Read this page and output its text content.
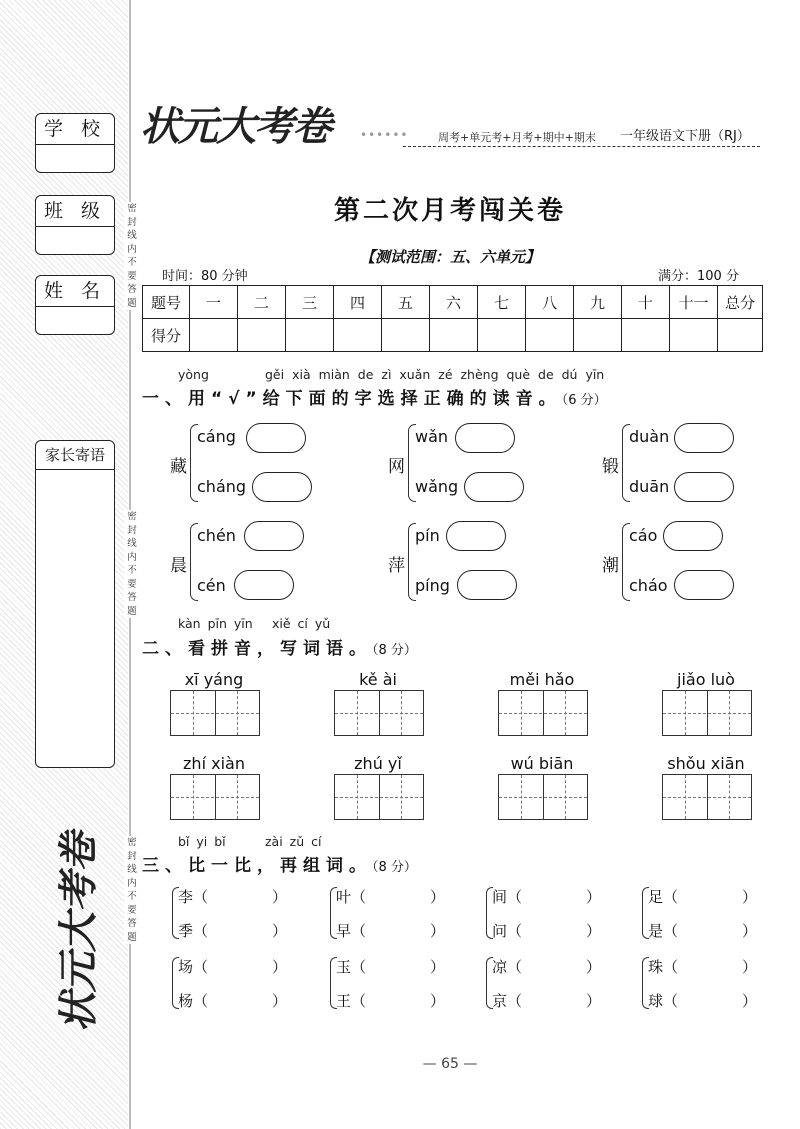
学 校
班 级
姓 名
家长寄语
密
封
线
内
不
要
答
题
密
封
线
内
不
要
答
题
密
封
线
内
不
要
答
题
状元大考卷
状元大考卷	••••••	周考+单元考+月考+期中+期末 一年级语文下册（RJ）
第二次月考闯关卷
【测试范围：五、六单元】
时间：80 分钟	满分：100 分
题号	一	二	三	四	五	六	七	八	九	十	十一	总分
得分												
yòng	gěi xià miàn de zì xuǎn zé zhèng què de dú yīn
一、用“√”给下面的字选择正确的读音。（6 分）
藏
cáng
cháng
网
wǎn
wǎng
锻
duàn
duān
晨
chén
cén
萍
pín
píng
潮
cáo
cháo
kàn pīn yīn xiě cí yǔ
二、看拼音，写词语。（8 分）
xī yáng	kě ài	měi hǎo	jiǎo luò
zhí xiàn	zhú yǐ	wú biān	shǒu xiān
bǐ yi bǐ	zài zǔ cí
三、比一比，再组词。（8 分）
李（	）
季（	）
叶（	）
早（	）
间（	）
问（	）
足（	）
是（	）
场（	）
杨（	）
玉（	）
王（	）
凉（	）
京（	）
珠（	）
球（	）
— 65 —
